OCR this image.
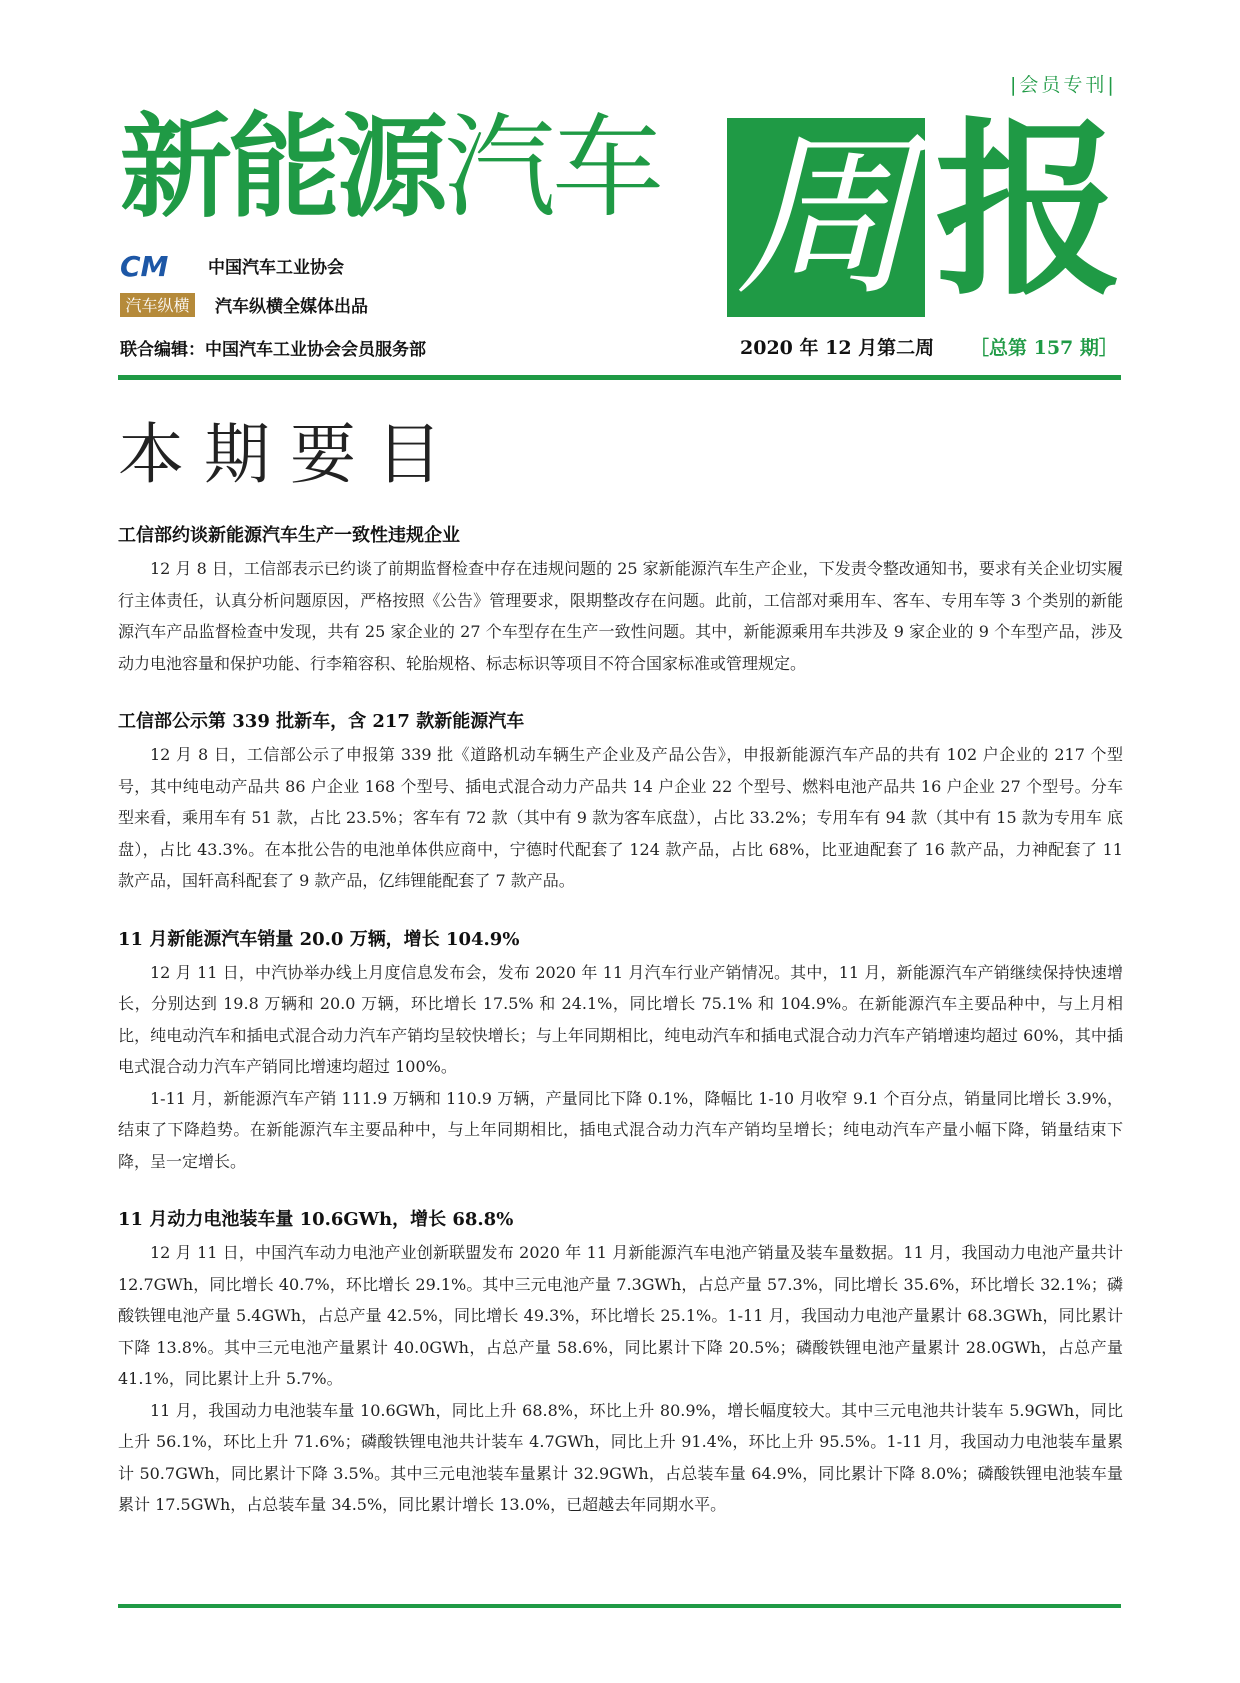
|会员专刊|
新能源汽车 周 报
CM	中国汽车工业协会
汽车纵横	汽车纵横全媒体出品
联合编辑：中国汽车工业协会会员服务部	2020 年 12 月第二周 ［总第 157 期］
本期要目
工信部约谈新能源汽车生产一致性违规企业

12 月 8 日，工信部表示已约谈了前期监督检查中存在违规问题的 25 家新能源汽车生产企业，下发责令整改通知书，要求有关企业切实履行主体责任，认真分析问题原因，严格按照《公告》管理要求，限期整改存在问题。此前，工信部对乘用车、客车、专用车等 3 个类别的新能源汽车产品监督检查中发现，共有 25 家企业的 27 个车型存在生产一致性问题。其中，新能源乘用车共涉及 9 家企业的 9 个车型产品，涉及动力电池容量和保护功能、行李箱容积、轮胎规格、标志标识等项目不符合国家标准或管理规定。

工信部公示第 339 批新车，含 217 款新能源汽车

12 月 8 日，工信部公示了申报第 339 批《道路机动车辆生产企业及产品公告》，申报新能源汽车产品的共有 102 户企业的 217 个型号，其中纯电动产品共 86 户企业 168 个型号、插电式混合动力产品共 14 户企业 22 个型号、燃料电池产品共 16 户企业 27 个型号。分车型来看，乘用车有 51 款，占比 23.5%；客车有 72 款（其中有 9 款为客车底盘），占比 33.2%；专用车有 94 款（其中有 15 款为专用车 底盘），占比 43.3%。在本批公告的电池单体供应商中，宁德时代配套了 124 款产品，占比 68%，比亚迪配套了 16 款产品，力神配套了 11 款产品，国轩高科配套了 9 款产品，亿纬锂能配套了 7 款产品。

11 月新能源汽车销量 20.0 万辆，增长 104.9%

12 月 11 日，中汽协举办线上月度信息发布会，发布 2020 年 11 月汽车行业产销情况。其中，11 月，新能源汽车产销继续保持快速增长，分别达到 19.8 万辆和 20.0 万辆，环比增长 17.5% 和 24.1%，同比增长 75.1% 和 104.9%。在新能源汽车主要品种中，与上月相比，纯电动汽车和插电式混合动力汽车产销均呈较快增长；与上年同期相比，纯电动汽车和插电式混合动力汽车产销增速均超过 60%，其中插电式混合动力汽车产销同比增速均超过 100%。

1-11 月，新能源汽车产销 111.9 万辆和 110.9 万辆，产量同比下降 0.1%，降幅比 1-10 月收窄 9.1 个百分点，销量同比增长 3.9%，结束了下降趋势。在新能源汽车主要品种中，与上年同期相比，插电式混合动力汽车产销均呈增长；纯电动汽车产量小幅下降，销量结束下降，呈一定增长。

11 月动力电池装车量 10.6GWh，增长 68.8%

12 月 11 日，中国汽车动力电池产业创新联盟发布 2020 年 11 月新能源汽车电池产销量及装车量数据。11 月，我国动力电池产量共计 12.7GWh，同比增长 40.7%，环比增长 29.1%。其中三元电池产量 7.3GWh，占总产量 57.3%，同比增长 35.6%，环比增长 32.1%；磷酸铁锂电池产量 5.4GWh，占总产量 42.5%，同比增长 49.3%，环比增长 25.1%。1-11 月，我国动力电池产量累计 68.3GWh，同比累计下降 13.8%。其中三元电池产量累计 40.0GWh，占总产量 58.6%，同比累计下降 20.5%；磷酸铁锂电池产量累计 28.0GWh，占总产量 41.1%，同比累计上升 5.7%。

11 月，我国动力电池装车量 10.6GWh，同比上升 68.8%，环比上升 80.9%，增长幅度较大。其中三元电池共计装车 5.9GWh，同比上升 56.1%，环比上升 71.6%；磷酸铁锂电池共计装车 4.7GWh，同比上升 91.4%，环比上升 95.5%。1-11 月，我国动力电池装车量累计 50.7GWh，同比累计下降 3.5%。其中三元电池装车量累计 32.9GWh，占总装车量 64.9%，同比累计下降 8.0%；磷酸铁锂电池装车量累计 17.5GWh，占总装车量 34.5%，同比累计增长 13.0%，已超越去年同期水平。
